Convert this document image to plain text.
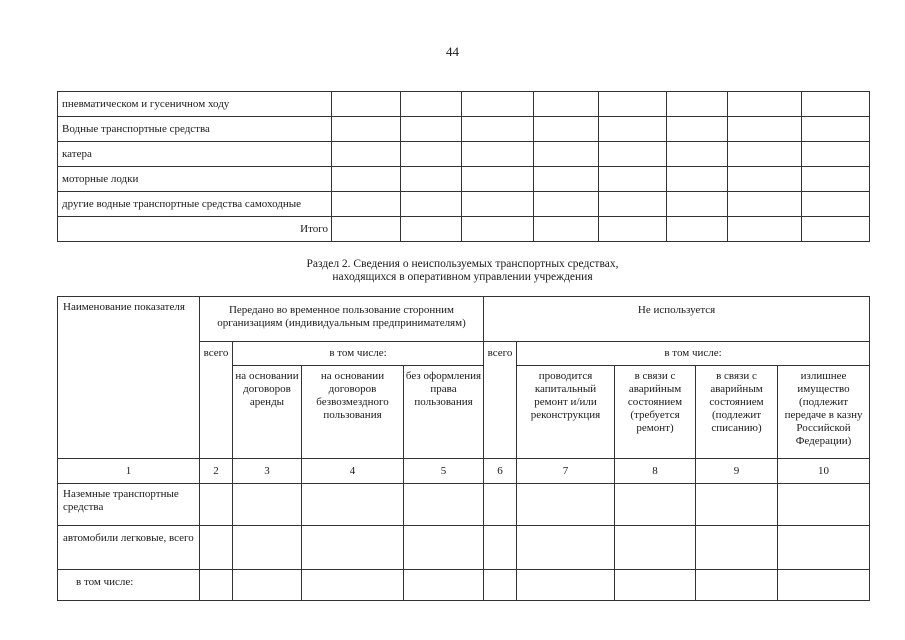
44
пневматическом и гусеничном ходу								
Водные транспортные средства								
катера								
моторные лодки								
другие водные транспортные средства самоходные								
Итого								
Раздел 2. Сведения о неиспользуемых транспортных средствах,
находящихся в оперативном управлении учреждения
Наименование показателя	Передано во временное пользование сторонним организациям (индивидуальным предпринимателям)				Не используется				
	всего	в том числе:			всего	в том числе:			
		на основании договоров аренды	на основании договоров безвозмездного пользования	без оформления права пользования		проводится капитальный ремонт и/или реконструкция	в связи с аварийным состоянием (требуется ремонт)	в связи с аварийным состоянием (подлежит списанию)	излишнее имущество (подлежит передаче в казну Российской Федерации)
1	2	3	4	5	6	7	8	9	10
Наземные транспортные средства									
автомобили легковые, всего									
в том числе:									
